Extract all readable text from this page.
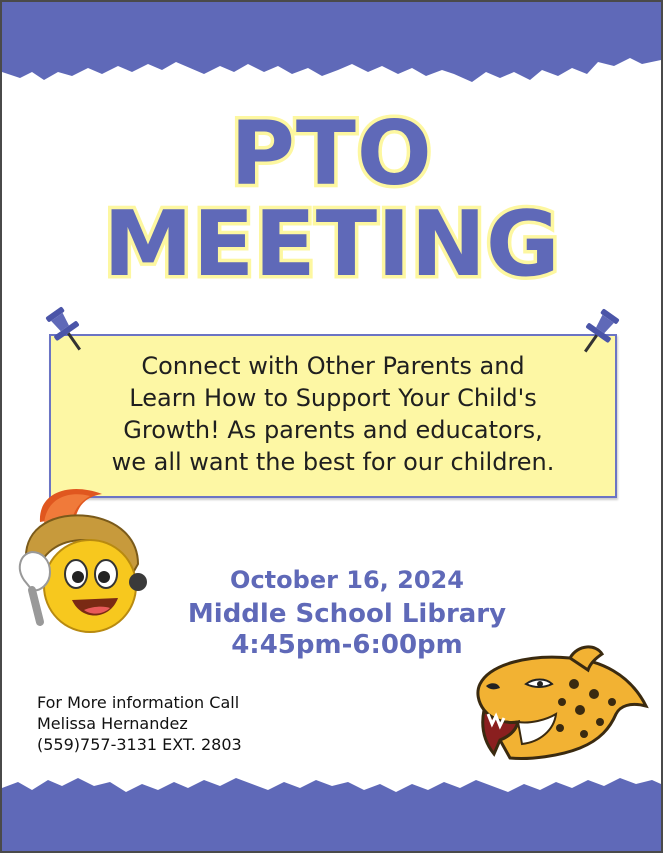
PTO
MEETING
Connect with Other Parents and
Learn How to Support Your Child's
Growth! As parents and educators,
we all want the best for our children.

October 16, 2024

Middle School Library

4:45pm-6:00pm

For More information Call
Melissa Hernandez
(559)757-3131 EXT. 2803
